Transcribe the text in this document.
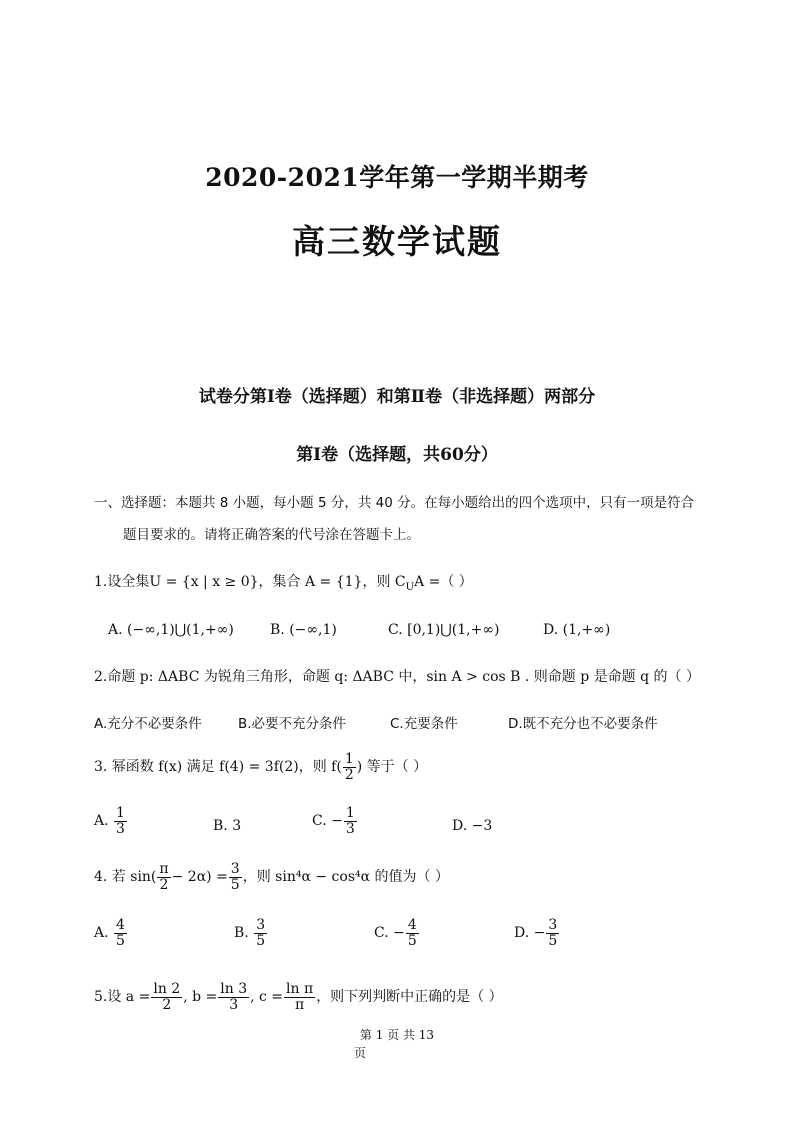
2020-2021学年第一学期半期考
高三数学试题
试卷分第Ⅰ卷（选择题）和第Ⅱ卷（非选择题）两部分
第Ⅰ卷（选择题，共60分）
一、选择题：本题共 8 小题，每小题 5 分，共 40 分。在每小题给出的四个选项中，只有一项是符合
题目要求的。请将正确答案的代号涂在答题卡上。
1.设全集U = {x | x ≥ 0}，集合 A = {1}，则 $C_UA$ =（ ）
A. (−∞,1)⋃(1,+∞)	B. (−∞,1)	C. [0,1)⋃(1,+∞)	D. (1,+∞)
2.命题 p: ΔABC 为锐角三角形，命题 q: ΔABC 中，sin A > cos B . 则命题 p 是命题 q 的（ ）
A.充分不必要条件	B.必要不充分条件	C.充要条件	D.既不充分也不必要条件
3. 幂函数 f(x) 满足 f(4) = 3f(2)，则 $f( \frac{1}{2}$ ) 等于（ ）
A. $\frac{1}{3}$	B. 3	C. − $\frac{1}{3}$	D. −3
4. 若 $\sin( \frac{\pi}{2} - 2\alpha) = \frac{3}{5}$ ，则 sin⁴α − cos⁴α 的值为（ ）
A. $\frac{4}{5}$	B. $\frac{3}{5}$	C. − $\frac{4}{5}$	D. − $\frac{3}{5}$
5.设 $a = \frac{\ln 2}{2}$ , $b = \frac{\ln 3}{3}$ , $c = \frac{\text{ln π}}{\pi}$ ，则下列判断中正确的是（ ）
第 1 页 共 13
页
